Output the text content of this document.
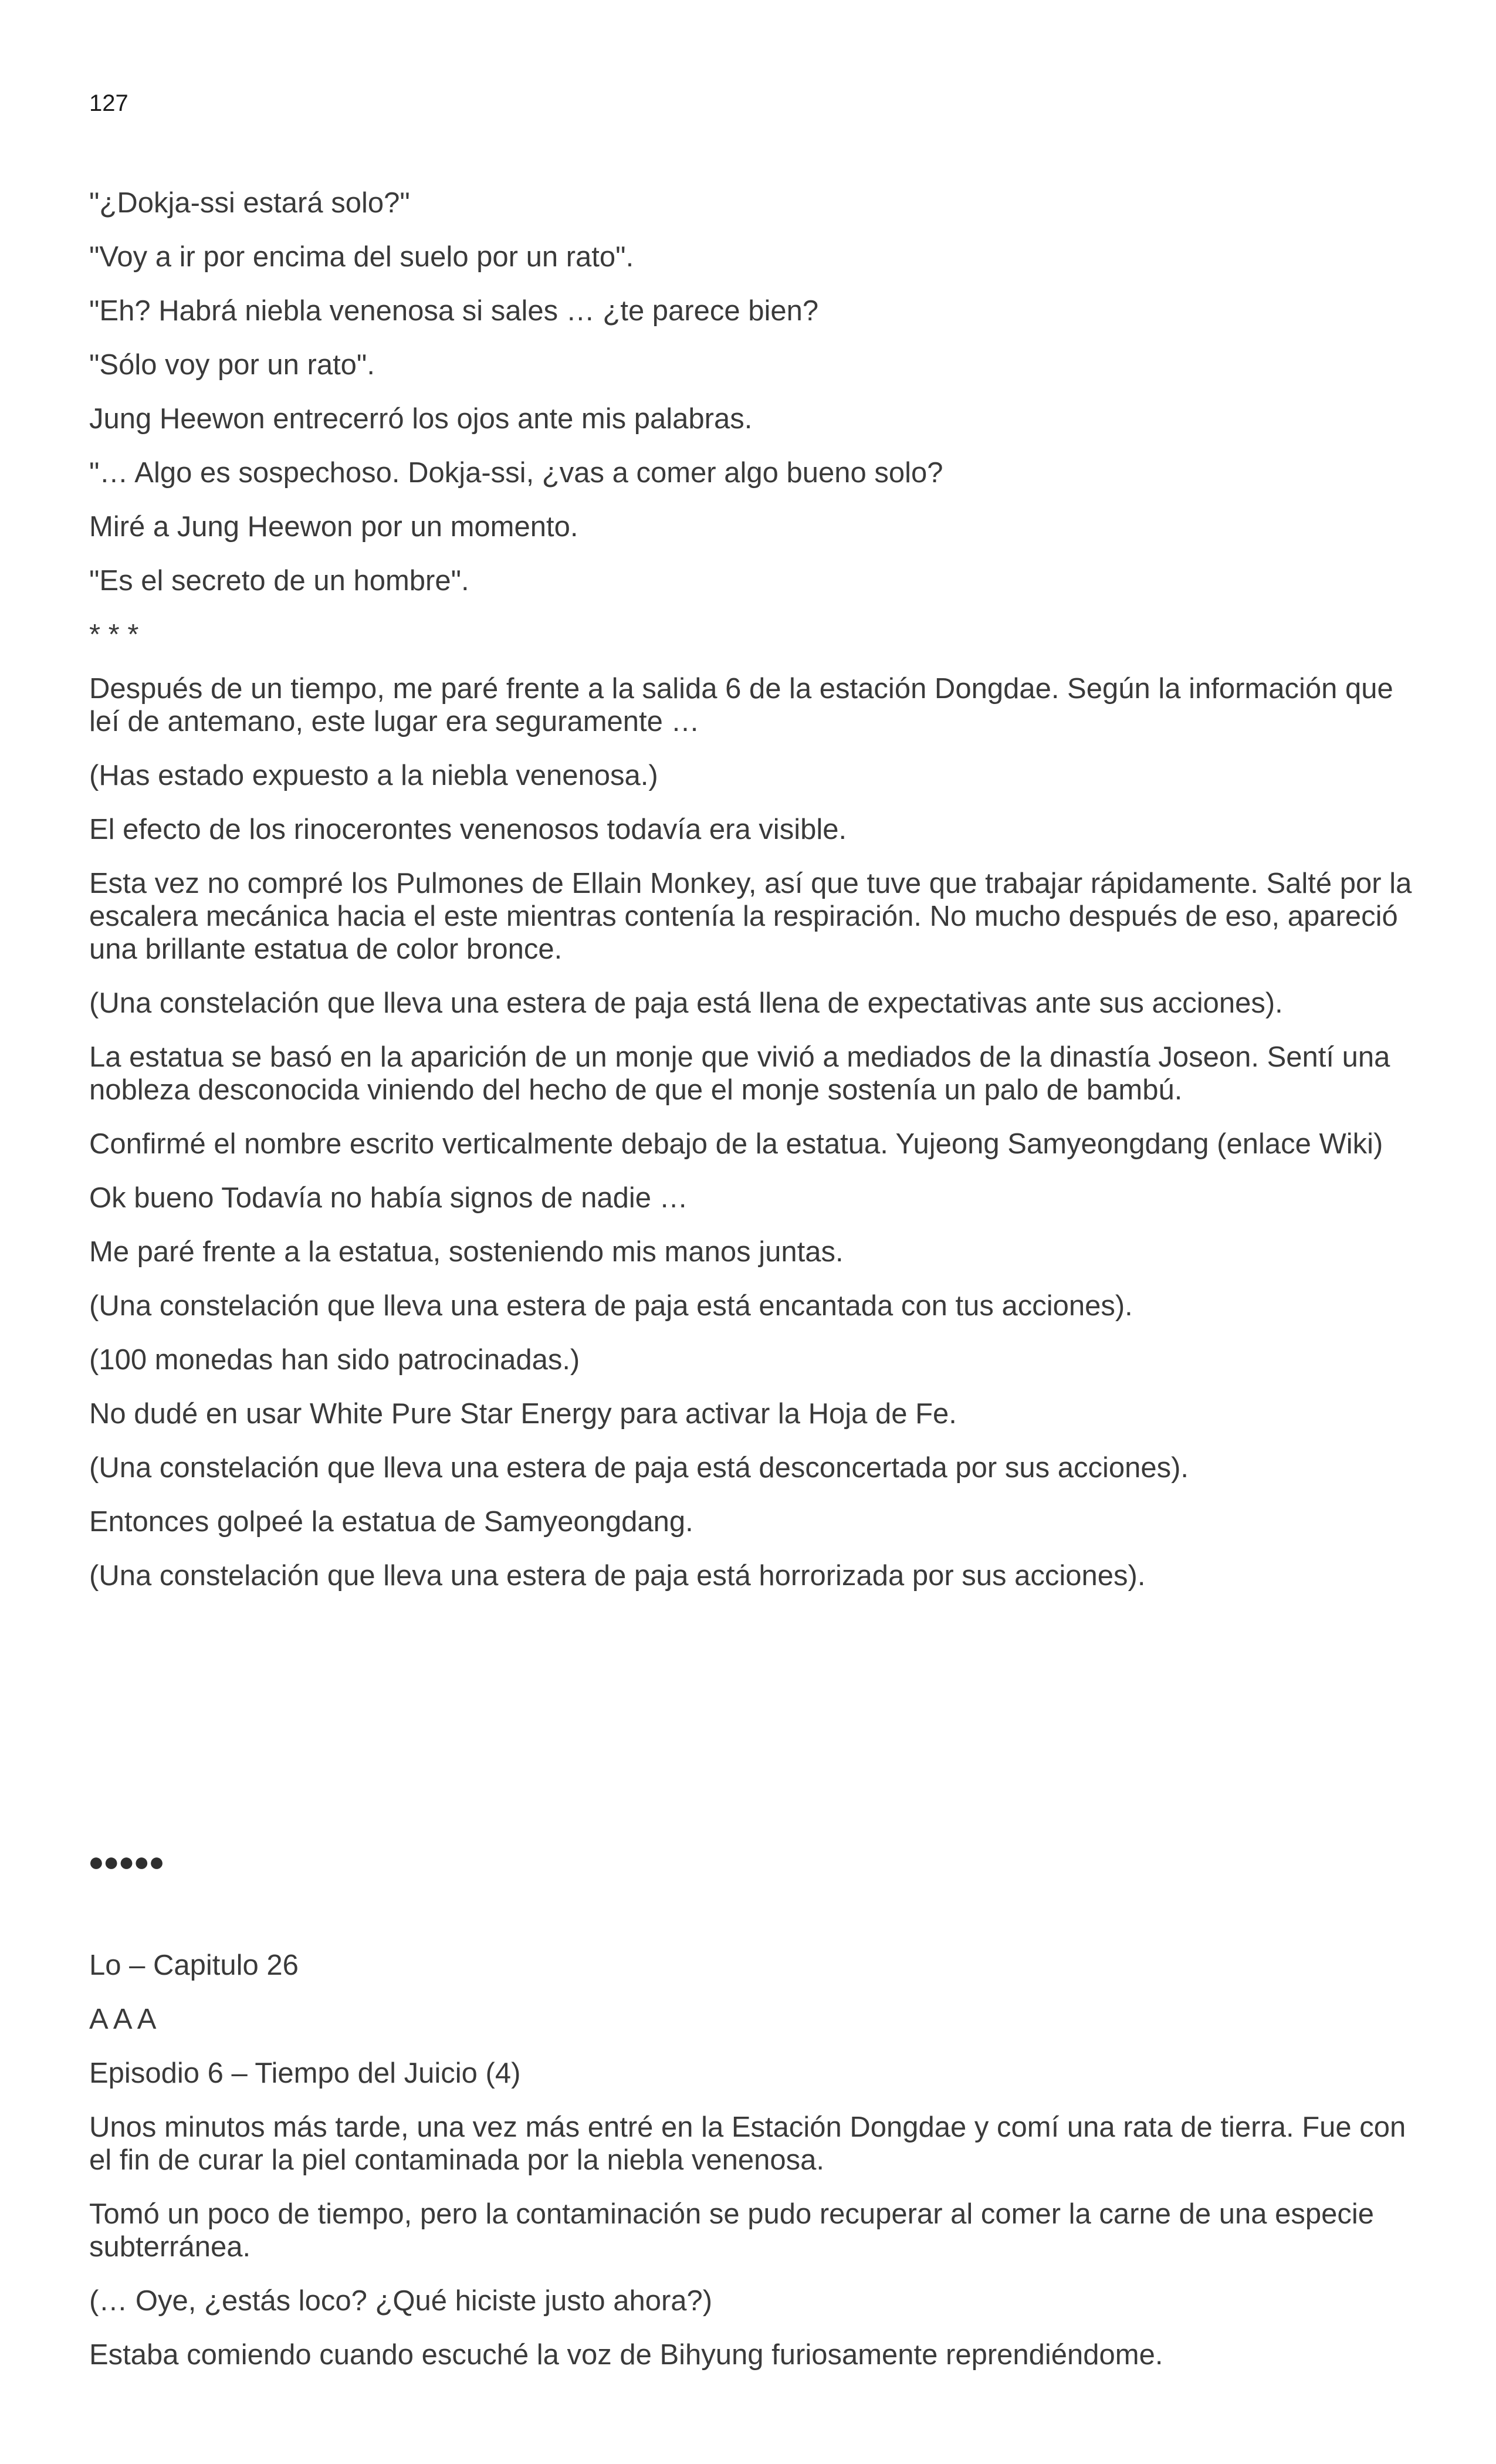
127

"¿Dokja-ssi estará solo?"

"Voy a ir por encima del suelo por un rato".

"Eh? Habrá niebla venenosa si sales … ¿te parece bien?

"Sólo voy por un rato".

Jung Heewon entrecerró los ojos ante mis palabras.

"… Algo es sospechoso. Dokja-ssi, ¿vas a comer algo bueno solo?

Miré a Jung Heewon por un momento.

"Es el secreto de un hombre".

* * *

Después de un tiempo, me paré frente a la salida 6 de la estación Dongdae. Según la información que leí de antemano, este lugar era seguramente …

(Has estado expuesto a la niebla venenosa.)

El efecto de los rinocerontes venenosos todavía era visible.

Esta vez no compré los Pulmones de Ellain Monkey, así que tuve que trabajar rápidamente. Salté por la escalera mecánica hacia el este mientras contenía la respiración. No mucho después de eso, apareció una brillante estatua de color bronce.

(Una constelación que lleva una estera de paja está llena de expectativas ante sus acciones).

La estatua se basó en la aparición de un monje que vivió a mediados de la dinastía Joseon. Sentí una nobleza desconocida viniendo del hecho de que el monje sostenía un palo de bambú.

Confirmé el nombre escrito verticalmente debajo de la estatua. Yujeong Samyeongdang (enlace Wiki)

Ok bueno Todavía no había signos de nadie …

Me paré frente a la estatua, sosteniendo mis manos juntas.

(Una constelación que lleva una estera de paja está encantada con tus acciones).

(100 monedas han sido patrocinadas.)

No dudé en usar White Pure Star Energy para activar la Hoja de Fe.

(Una constelación que lleva una estera de paja está desconcertada por sus acciones).

Entonces golpeé la estatua de Samyeongdang.

(Una constelación que lleva una estera de paja está horrorizada por sus acciones).

●●●●●

Lo – Capitulo 26

A A A

Episodio 6 – Tiempo del Juicio (4)

Unos minutos más tarde, una vez más entré en la Estación Dongdae y comí una rata de tierra. Fue con el fin de curar la piel contaminada por la niebla venenosa.

Tomó un poco de tiempo, pero la contaminación se pudo recuperar al comer la carne de una especie subterránea.

(… Oye, ¿estás loco? ¿Qué hiciste justo ahora?)

Estaba comiendo cuando escuché la voz de Bihyung furiosamente reprendiéndome.
